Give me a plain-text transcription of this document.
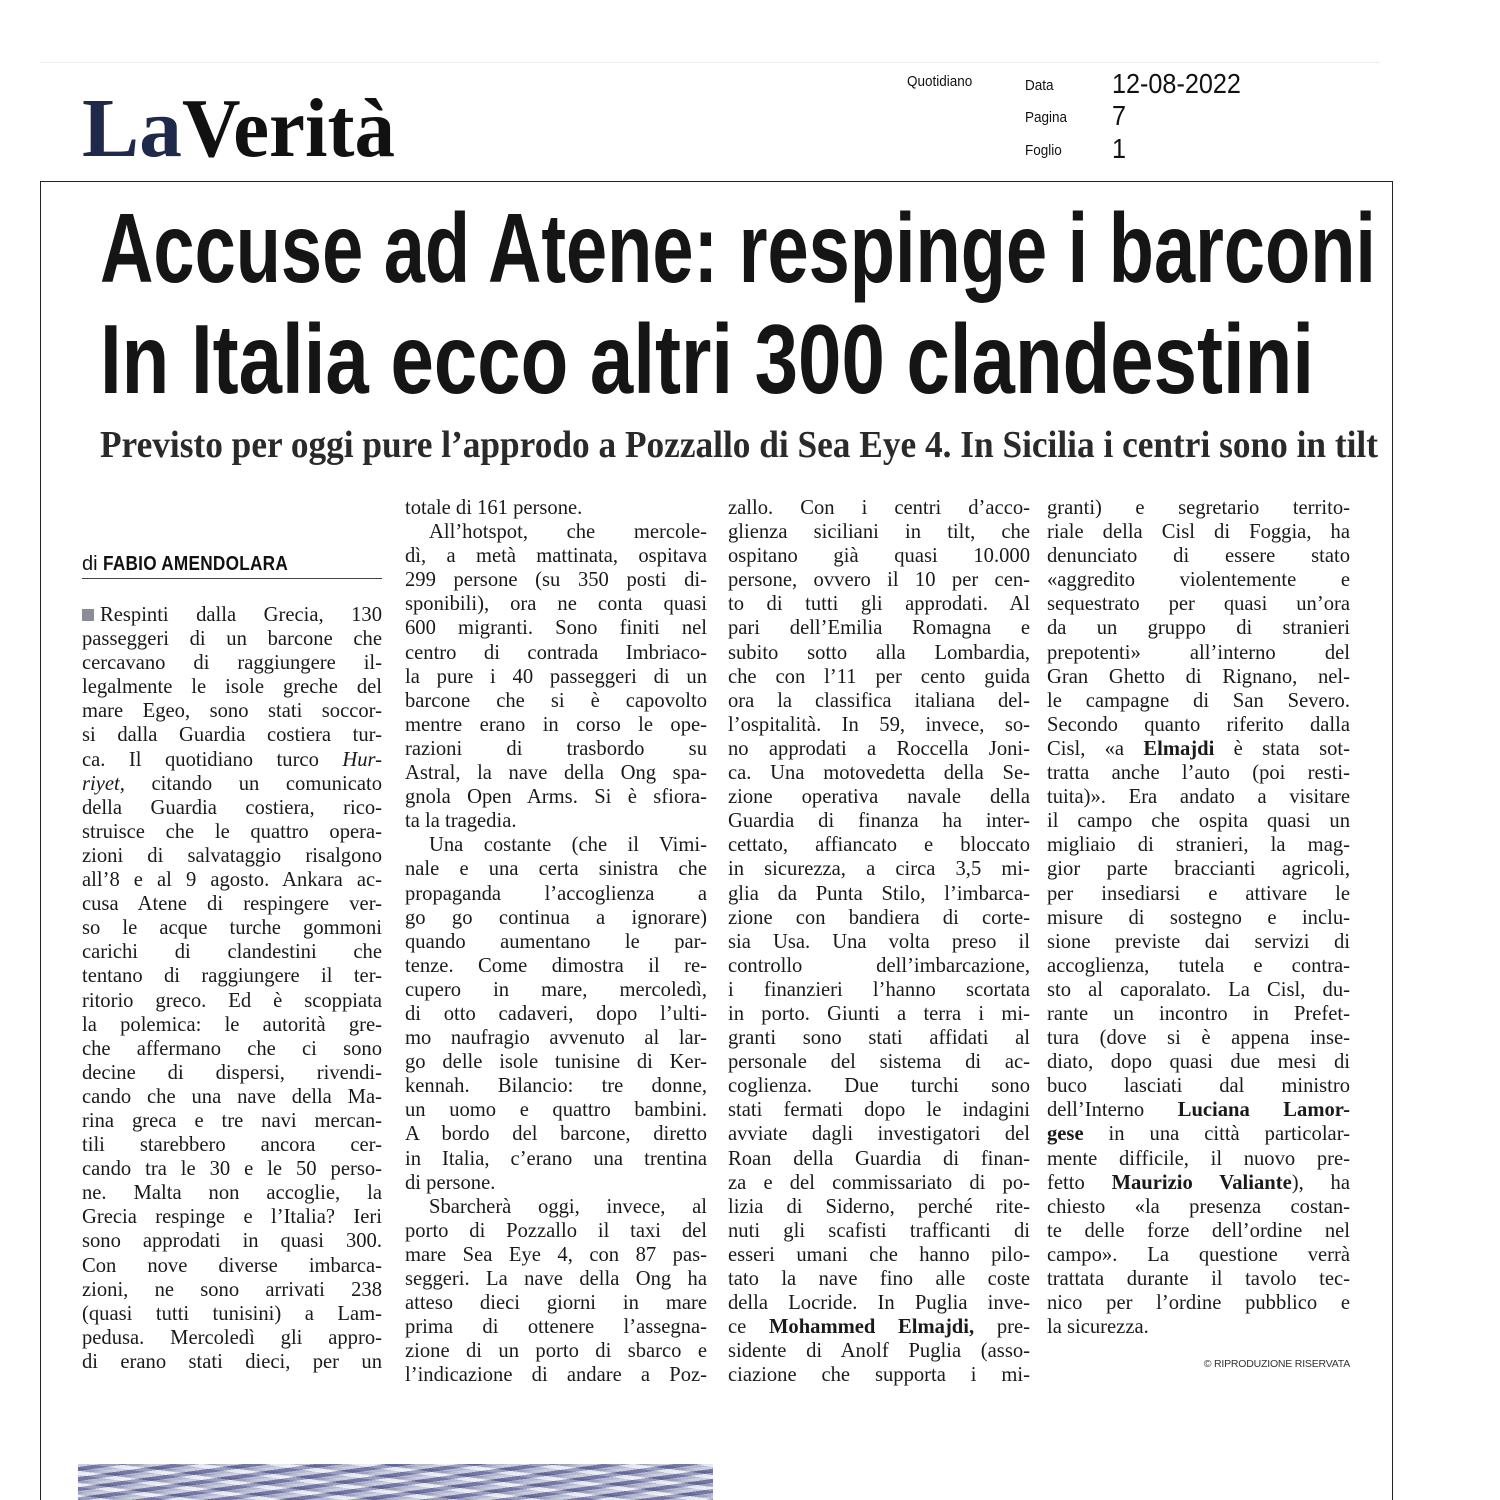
La Verità
Accuse ad Atene: respinge i barconi
In Italia ecco altri 300 clandestini
Previsto per oggi pure l’approdo a Pozzallo di Sea Eye 4. In Sicilia i centri sono in tilt
Quotidiano	Data 12-08-2022
Pagina 7
Foglio 1
di FABIO AMENDOLARA
Respinti dalla Grecia, 130
passeggeri di un barcone che
cercavano di raggiungere il-
legalmente le isole greche del
mare Egeo, sono stati soccor-
si dalla Guardia costiera tur-
ca. Il quotidiano turco Hur-
riyet, citando un comunicato
della Guardia costiera, rico-
struisce che le quattro opera-
zioni di salvataggio risalgono
all’8 e al 9 agosto. Ankara ac-
cusa Atene di respingere ver-
so le acque turche gommoni
carichi di clandestini che
tentano di raggiungere il ter-
ritorio greco. Ed è scoppiata
la polemica: le autorità gre-
che affermano che ci sono
decine di dispersi, rivendi-
cando che una nave della Ma-
rina greca e tre navi mercan-
tili starebbero ancora cer-
cando tra le 30 e le 50 perso-
ne. Malta non accoglie, la
Grecia respinge e l’Italia? Ieri
sono approdati in quasi 300.
Con nove diverse imbarca-
zioni, ne sono arrivati 238
(quasi tutti tunisini) a Lam-
pedusa. Mercoledì gli appro-
di erano stati dieci, per un
totale di 161 persone.
All’hotspot, che mercole-
dì, a metà mattinata, ospitava
299 persone (su 350 posti di-
sponibili), ora ne conta quasi
600 migranti. Sono finiti nel
centro di contrada Imbriaco-
la pure i 40 passeggeri di un
barcone che si è capovolto
mentre erano in corso le ope-
razioni di trasbordo su
Astral, la nave della Ong spa-
gnola Open Arms. Si è sfiora-
ta la tragedia.
Una costante (che il Vimi-
nale e una certa sinistra che
propaganda l’accoglienza a
go go continua a ignorare)
quando aumentano le par-
tenze. Come dimostra il re-
cupero in mare, mercoledì,
di otto cadaveri, dopo l’ulti-
mo naufragio avvenuto al lar-
go delle isole tunisine di Ker-
kennah. Bilancio: tre donne,
un uomo e quattro bambini.
A bordo del barcone, diretto
in Italia, c’erano una trentina
di persone.
Sbarcherà oggi, invece, al
porto di Pozzallo il taxi del
mare Sea Eye 4, con 87 pas-
seggeri. La nave della Ong ha
atteso dieci giorni in mare
prima di ottenere l’assegna-
zione di un porto di sbarco e
l’indicazione di andare a Poz-
zallo. Con i centri d’acco-
glienza siciliani in tilt, che
ospitano già quasi 10.000
persone, ovvero il 10 per cen-
to di tutti gli approdati. Al
pari dell’Emilia Romagna e
subito sotto alla Lombardia,
che con l’11 per cento guida
ora la classifica italiana del-
l’ospitalità. In 59, invece, so-
no approdati a Roccella Joni-
ca. Una motovedetta della Se-
zione operativa navale della
Guardia di finanza ha inter-
cettato, affiancato e bloccato
in sicurezza, a circa 3,5 mi-
glia da Punta Stilo, l’imbarca-
zione con bandiera di corte-
sia Usa. Una volta preso il
controllo dell’imbarcazione,
i finanzieri l’hanno scortata
in porto. Giunti a terra i mi-
granti sono stati affidati al
personale del sistema di ac-
coglienza. Due turchi sono
stati fermati dopo le indagini
avviate dagli investigatori del
Roan della Guardia di finan-
za e del commissariato di po-
lizia di Siderno, perché rite-
nuti gli scafisti trafficanti di
esseri umani che hanno pilo-
tato la nave fino alle coste
della Locride. In Puglia inve-
ce Mohammed Elmajdi, pre-
sidente di Anolf Puglia (asso-
ciazione che supporta i mi-
granti) e segretario territo-
riale della Cisl di Foggia, ha
denunciato di essere stato
«aggredito violentemente e
sequestrato per quasi un’ora
da un gruppo di stranieri
prepotenti» all’interno del
Gran Ghetto di Rignano, nel-
le campagne di San Severo.
Secondo quanto riferito dalla
Cisl, «a Elmajdi è stata sot-
tratta anche l’auto (poi resti-
tuita)». Era andato a visitare
il campo che ospita quasi un
migliaio di stranieri, la mag-
gior parte braccianti agricoli,
per insediarsi e attivare le
misure di sostegno e inclu-
sione previste dai servizi di
accoglienza, tutela e contra-
sto al caporalato. La Cisl, du-
rante un incontro in Prefet-
tura (dove si è appena inse-
diato, dopo quasi due mesi di
buco lasciati dal ministro
dell’Interno Luciana Lamor-
gese in una città particolar-
mente difficile, il nuovo pre-
fetto Maurizio Valiante), ha
chiesto «la presenza costan-
te delle forze dell’ordine nel
campo». La questione verrà
trattata durante il tavolo tec-
nico per l’ordine pubblico e
la sicurezza.
© RIPRODUZIONE RISERVATA
